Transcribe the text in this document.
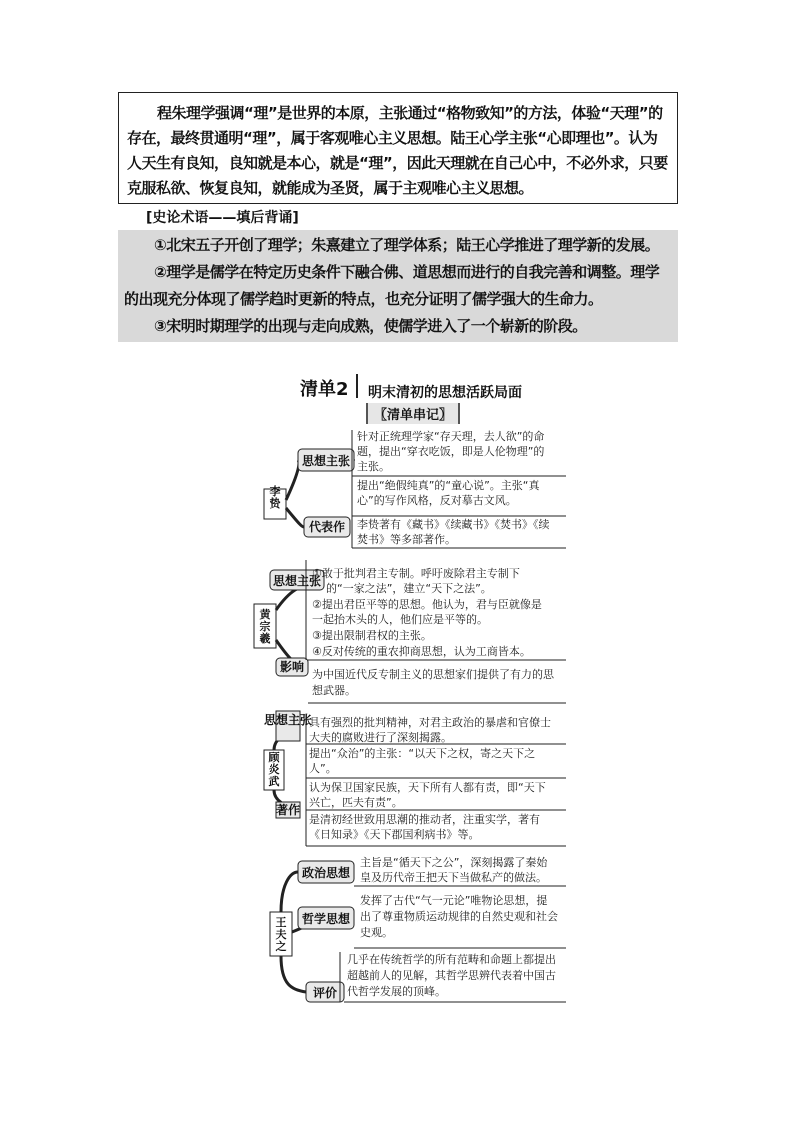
程朱理学强调“理”是世界的本原，主张通过“格物致知”的方法，体验“天理”的存在，最终贯通明“理”，属于客观唯心主义思想。陆王心学主张“心即理也”。认为人天生有良知，良知就是本心，就是“理”，因此天理就在自己心中，不必外求，只要克服私欲、恢复良知，就能成为圣贤，属于主观唯心主义思想。

[史论术语——填后背诵]

①北宋五子开创了理学；朱熹建立了理学体系；陆王心学推进了理学新的发展。

②理学是儒学在特定历史条件下融合佛、道思想而进行的自我完善和调整。理学的出现充分体现了儒学趋时更新的特点，也充分证明了儒学强大的生命力。

③宋明时期理学的出现与走向成熟，使儒学进入了一个崭新的阶段。

清单2 明末清初的思想活跃局面
〖清单串记〗
李贽
思想主张
代表作
针对正统理学家“存天理，去人欲”的命
题，提出“穿衣吃饭，即是人伦物理”的
主张。
提出“绝假纯真”的“童心说”。主张“真
心”的写作风格，反对摹古文风。
李贽著有《藏书》《续藏书》《焚书》《续
焚书》等多部著作。
黄宗羲
思想主张
影响
①敢于批判君主专制。呼吁废除君主专制下
的“一家之法”，建立“天下之法”。
②提出君臣平等的思想。他认为，君与臣就像是
一起抬木头的人，他们应是平等的。
③提出限制君权的主张。
④反对传统的重农抑商思想，认为工商皆本。
为中国近代反专制主义的思想家们提供了有力的思
想武器。
顾炎武
思想主张
著作
具有强烈的批判精神，对君主政治的暴虐和官僚士
大夫的腐败进行了深刻揭露。
提出“众治”的主张：“以天下之权，寄之天下之
人”。
认为保卫国家民族，天下所有人都有责，即“天下
兴亡，匹夫有责”。
是清初经世致用思潮的推动者，注重实学，著有
《日知录》《天下郡国利病书》等。
王夫之
政治思想
哲学思想
评价
主旨是“循天下之公”，深刻揭露了秦始
皇及历代帝王把天下当做私产的做法。
发挥了古代“气一元论”唯物论思想，提
出了尊重物质运动规律的自然史观和社会
史观。
几乎在传统哲学的所有范畴和命题上都提出
超越前人的见解，其哲学思辨代表着中国古
代哲学发展的顶峰。
